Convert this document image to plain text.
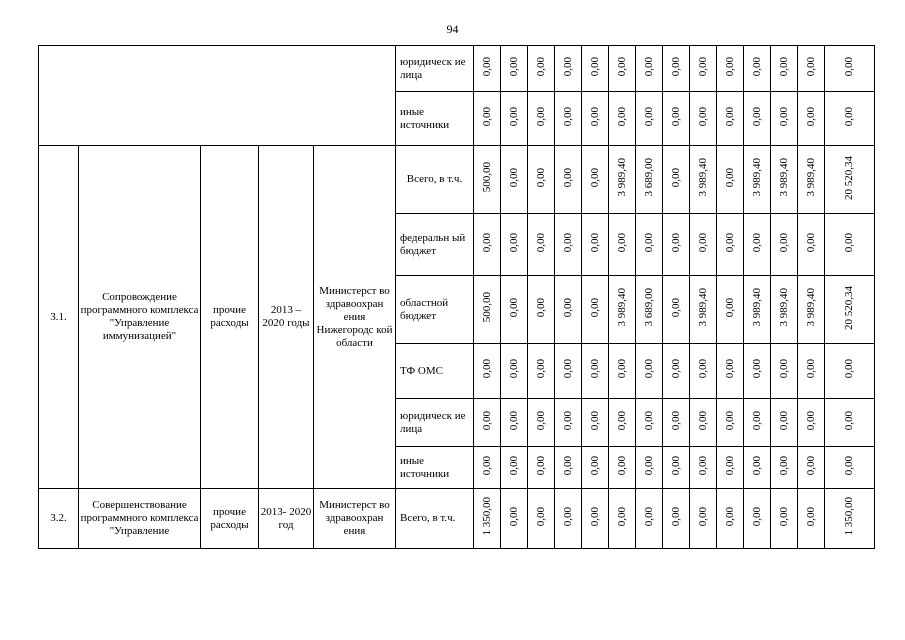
94
					юридическ ие лица	0,00	0,00	0,00	0,00	0,00	0,00	0,00	0,00	0,00	0,00	0,00	0,00	0,00	0,00
					иные источники	0,00	0,00	0,00	0,00	0,00	0,00	0,00	0,00	0,00	0,00	0,00	0,00	0,00	0,00
3.1.	Сопровождение программного комплекса "Управление иммунизацией"	прочие расходы	2013 – 2020 годы	Министерст во здравоохран ения Нижегородс кой области	Всего, в т.ч.	500,00	0,00	0,00	0,00	0,00	3 989,40	3 689,00	0,00	3 989,40	0,00	3 989,40	3 989,40	3 989,40	20 520,34
					федеральн ый бюджет	0,00	0,00	0,00	0,00	0,00	0,00	0,00	0,00	0,00	0,00	0,00	0,00	0,00	0,00
					областной бюджет	500,00	0,00	0,00	0,00	0,00	3 989,40	3 689,00	0,00	3 989,40	0,00	3 989,40	3 989,40	3 989,40	20 520,34
					ТФ ОМС	0,00	0,00	0,00	0,00	0,00	0,00	0,00	0,00	0,00	0,00	0,00	0,00	0,00	0,00
					юридическ ие лица	0,00	0,00	0,00	0,00	0,00	0,00	0,00	0,00	0,00	0,00	0,00	0,00	0,00	0,00
					иные источники	0,00	0,00	0,00	0,00	0,00	0,00	0,00	0,00	0,00	0,00	0,00	0,00	0,00	0,00
3.2.	Совершенствование программного комплекса "Управление	прочие расходы	2013- 2020 год	Министерст во здравоохран ения	Всего, в т.ч.	1 350,00	0,00	0,00	0,00	0,00	0,00	0,00	0,00	0,00	0,00	0,00	0,00	0,00	1 350,00
